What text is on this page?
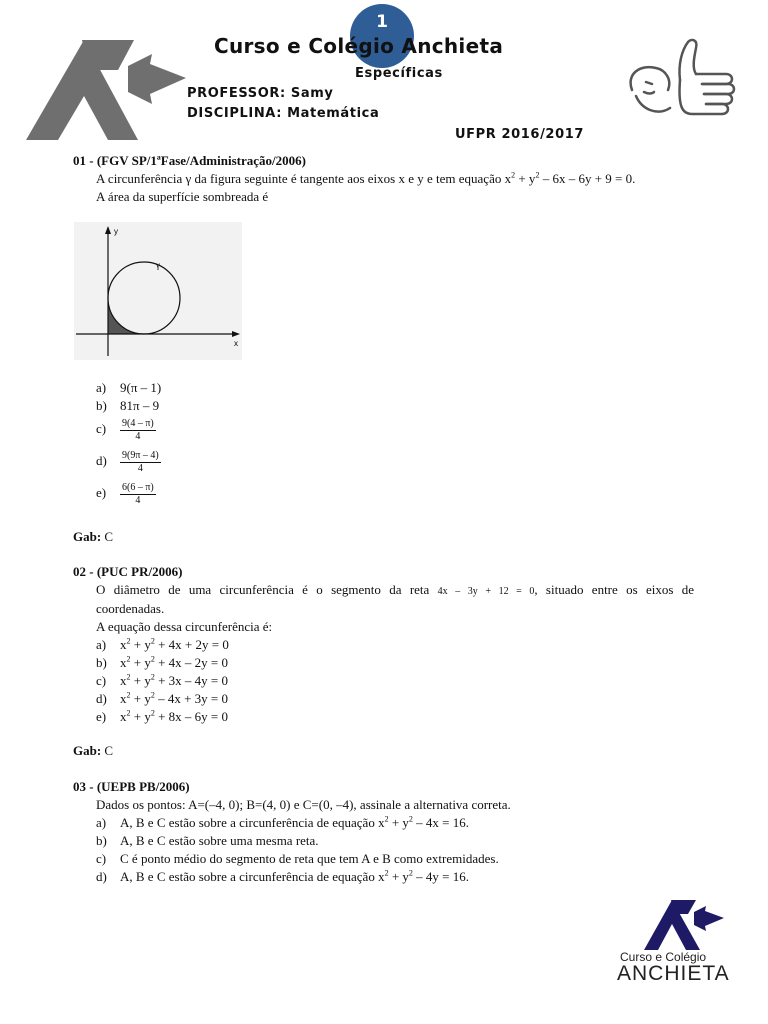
1
Curso e Colégio Anchieta
Específicas
PROFESSOR: Samy
DISCIPLINA: Matemática
UFPR 2016/2017
01 - (FGV SP/1ªFase/Administração/2006)
A circunferência γ da figura seguinte é tangente aos eixos x e y e tem equação $x^2 + y^2 - 6x - 6y + 9 = 0$.
A área da superfície sombreada é
y
x
γ
a) 9(π – 1)
b) 81π – 9
$c) \frac{9(4 - \pi)}{4}$
$d) \frac{9(9\pi - 4)}{4}$
$e) \frac{6(6 - \pi)}{4}$
Gab: C
02 - (PUC PR/2006)
O diâmetro de uma circunferência é o segmento da reta 4x – 3y + 12 = 0, situado entre os eixos de
coordenadas.
A equação dessa circunferência é:
a) $x^2 + y^2 + 4x + 2y = 0$
b) $x^2 + y^2 + 4x - 2y = 0$
c) $x^2 + y^2 + 3x - 4y = 0$
d) $x^2 + y^2 - 4x + 3y = 0$
e) $x^2 + y^2 + 8x - 6y = 0$
Gab: C
03 - (UEPB PB/2006)
Dados os pontos: A=(–4, 0); B=(4, 0) e C=(0, –4), assinale a alternativa correta.
a) A, B e C estão sobre a circunferência de equação $x^2 + y^2 - 4x = 16$.
b) A, B e C estão sobre uma mesma reta.
c) C é ponto médio do segmento de reta que tem A e B como extremidades.
d) A, B e C estão sobre a circunferência de equação $x^2 + y^2 - 4y = 16$.
Curso e Colégio
ANCHIETA
